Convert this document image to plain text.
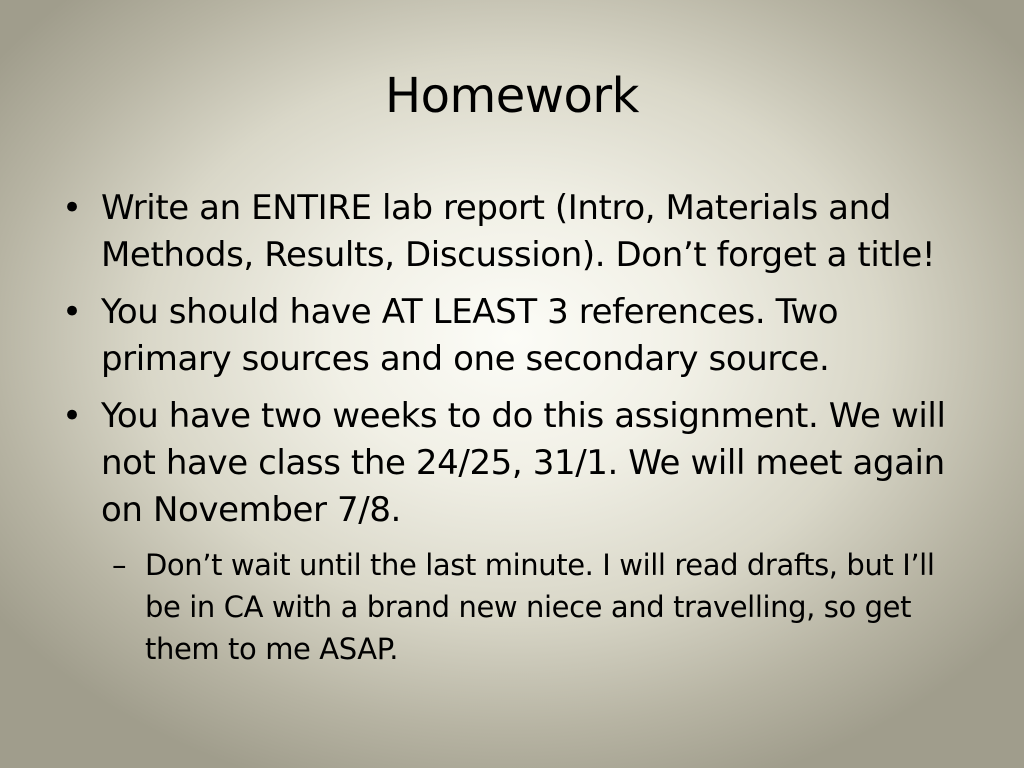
Homework
• Write an ENTIRE lab report (Intro, Materials and Methods, Results, Discussion). Don’t forget a title!
• You should have AT LEAST 3 references. Two primary sources and one secondary source.
• You have two weeks to do this assignment. We will not have class the 24/25, 31/1. We will meet again on November 7/8.
– Don’t wait until the last minute. I will read drafts, but I’ll be in CA with a brand new niece and travelling, so get them to me ASAP.
